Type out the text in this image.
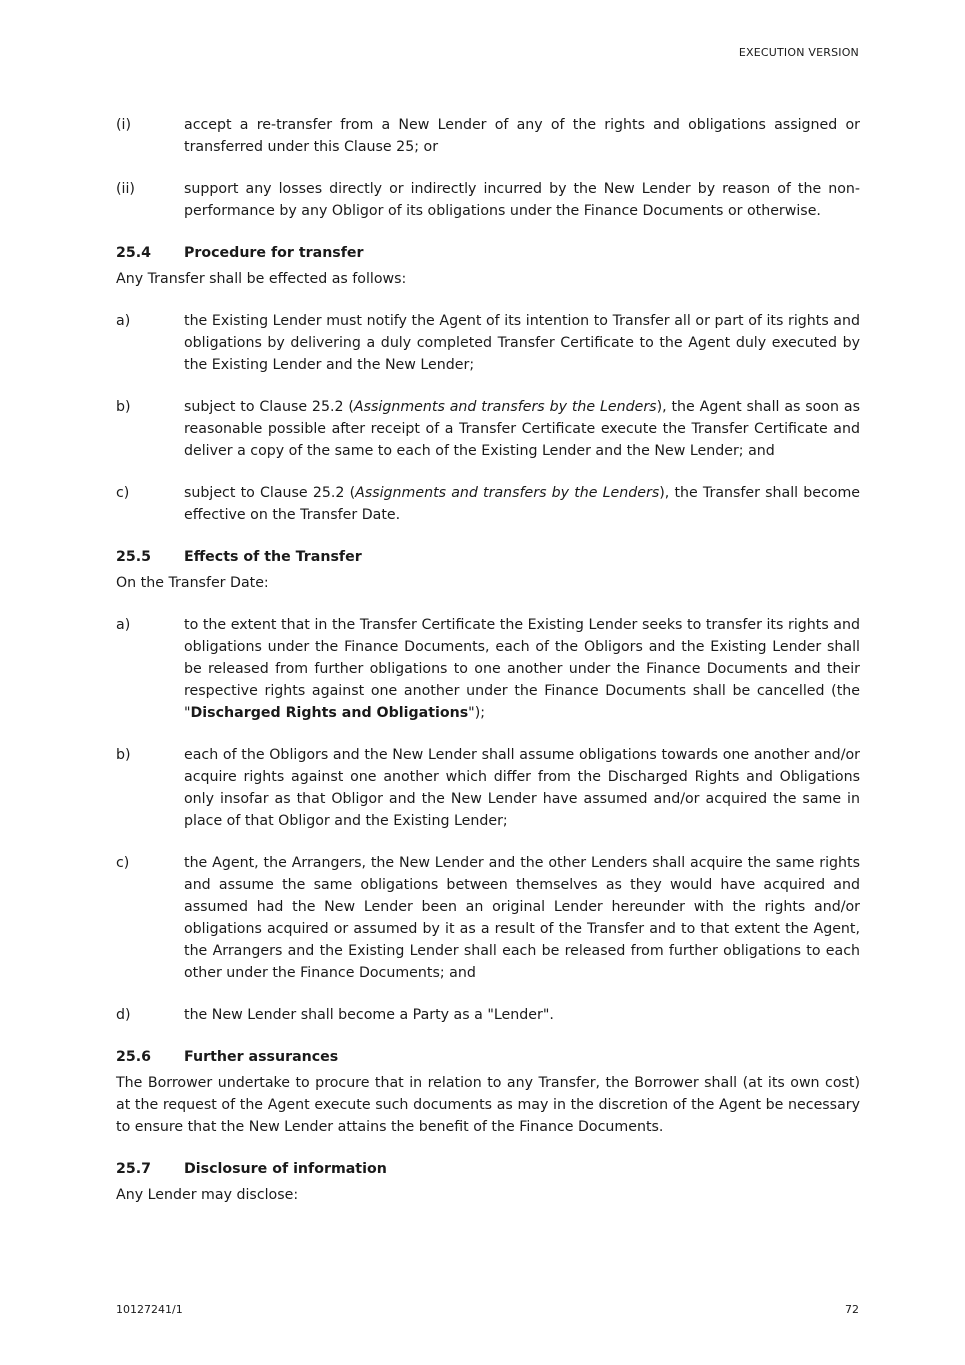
EXECUTION VERSION
(i)	accept a re-transfer from a New Lender of any of the rights and obligations assigned or transferred under this Clause 25; or
(ii)	support any losses directly or indirectly incurred by the New Lender by reason of the non-performance by any Obligor of its obligations under the Finance Documents or otherwise.
25.4	Procedure for transfer

Any Transfer shall be effected as follows:

a)	the Existing Lender must notify the Agent of its intention to Transfer all or part of its rights and obligations by delivering a duly completed Transfer Certificate to the Agent duly executed by the Existing Lender and the New Lender;
b)	subject to Clause 25.2 (Assignments and transfers by the Lenders), the Agent shall as soon as reasonable possible after receipt of a Transfer Certificate execute the Transfer Certificate and deliver a copy of the same to each of the Existing Lender and the New Lender; and
c)	subject to Clause 25.2 (Assignments and transfers by the Lenders), the Transfer shall become effective on the Transfer Date.
25.5	Effects of the Transfer

On the Transfer Date:

a)	to the extent that in the Transfer Certificate the Existing Lender seeks to transfer its rights and obligations under the Finance Documents, each of the Obligors and the Existing Lender shall be released from further obligations to one another under the Finance Documents and their respective rights against one another under the Finance Documents shall be cancelled (the "Discharged Rights and Obligations");
b)	each of the Obligors and the New Lender shall assume obligations towards one another and/or acquire rights against one another which differ from the Discharged Rights and Obligations only insofar as that Obligor and the New Lender have assumed and/or acquired the same in place of that Obligor and the Existing Lender;
c)	the Agent, the Arrangers, the New Lender and the other Lenders shall acquire the same rights and assume the same obligations between themselves as they would have acquired and assumed had the New Lender been an original Lender hereunder with the rights and/or obligations acquired or assumed by it as a result of the Transfer and to that extent the Agent, the Arrangers and the Existing Lender shall each be released from further obligations to each other under the Finance Documents; and
d)	the New Lender shall become a Party as a "Lender".
25.6	Further assurances

The Borrower undertake to procure that in relation to any Transfer, the Borrower shall (at its own cost) at the request of the Agent execute such documents as may in the discretion of the Agent be necessary to ensure that the New Lender attains the benefit of the Finance Documents.

25.7	Disclosure of information

Any Lender may disclose:

10127241/1	72
